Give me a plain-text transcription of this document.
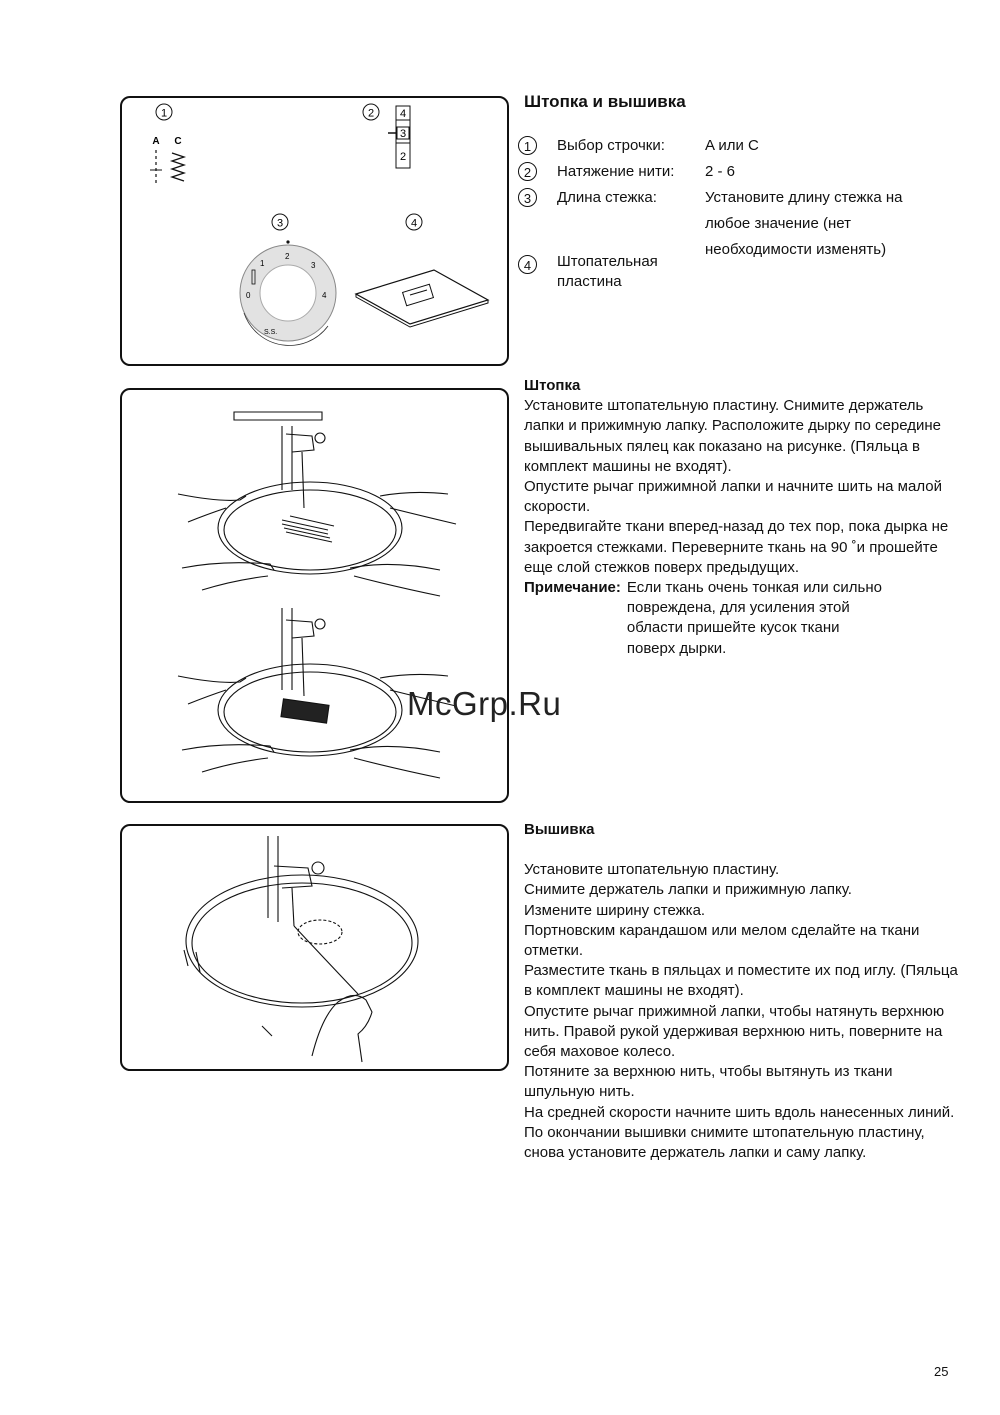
1	2
3	4
A C
4
3
2
0
1
2
3
4
S.S.
Штопка и вышивка
1	Выбор строчки:	A или C
2	Натяжение нити:	2 - 6
3	Длина стежка:	Установите длину стежка на любое значение (нет необходимости изменять)
4	Штопательная пластина
Штопка

Установите штопательную пластину. Снимите держатель лапки и прижимную лапку. Расположите дырку по середине вышивальных пялец как показано на рисунке. (Пяльца в комплект машины не входят).

Опустите рычаг прижимной лапки и начните шить на малой скорости.

Передвигайте ткани вперед-назад до тех пор, пока дырка не закроется стежками. Переверните ткань на 90 ˚и прошейте еще слой стежков поверх предыдущих.

Примечание: Если ткань очень тонкая или сильно повреждена, для усиления этой области пришейте кусок ткани поверх дырки.
McGrp.Ru
Вышивка

Установите штопательную пластину.

Снимите держатель лапки и прижимную лапку.

Измените ширину стежка.

Портновским карандашом или мелом сделайте на ткани отметки.

Разместите ткань в пяльцах и поместите их под иглу. (Пяльца в комплект машины не входят).

Опустите рычаг прижимной лапки, чтобы натянуть верхнюю нить. Правой рукой удерживая верхнюю нить, поверните на себя маховое колесо.

Потяните за верхнюю нить, чтобы вытянуть из ткани шпульную нить.

На средней скорости начните шить вдоль нанесенных линий.

По окончании вышивки снимите штопательную пластину, снова установите держатель лапки и саму лапку.

25
